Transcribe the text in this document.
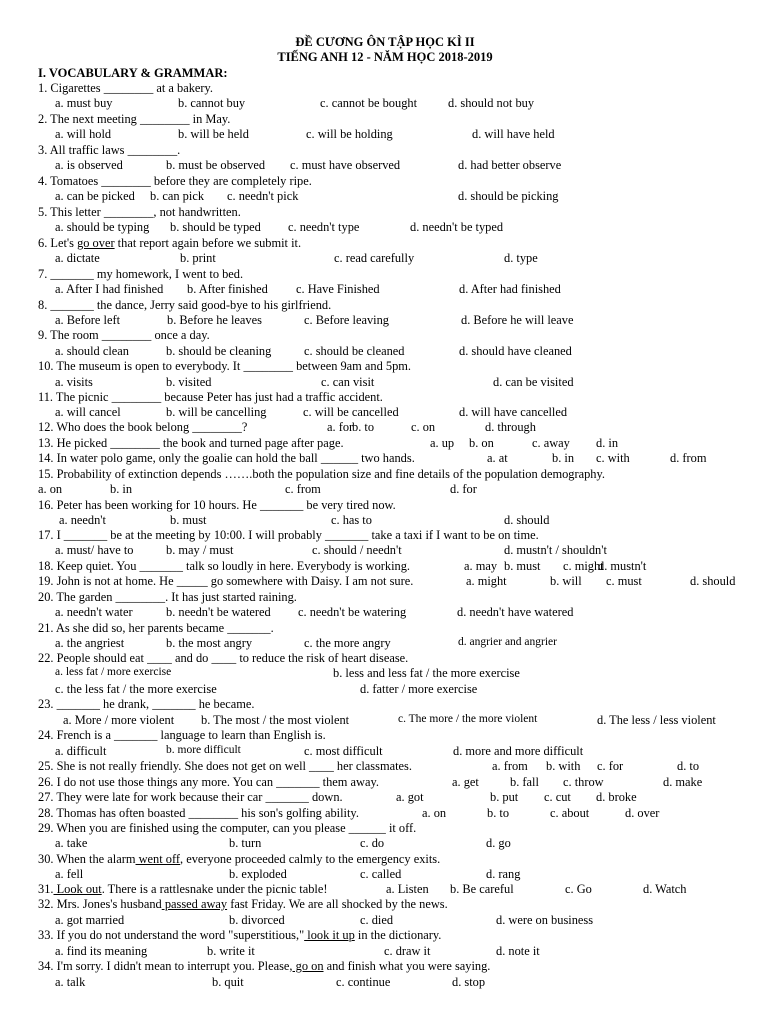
ĐỀ CƯƠNG ÔN TẬP HỌC KÌ II
TIẾNG ANH 12 - NĂM HỌC 2018-2019
I. VOCABULARY & GRAMMAR:
1. Cigarettes ________ at a bakery.
a. must buy	b. cannot buy	c. cannot be bought d. should not buy
2. The next meeting ________ in May.
a. will hold	b. will be held	c. will be holding	d. will have held
3. All traffic laws ________.
a. is observed	b. must be observed c. must have observed	d. had better observe
4. Tomatoes ________ before they are completely ripe.
a. can be picked b. can pick c. needn't pick	d. should be picking
5. This letter ________, not handwritten.
a. should be typing b. should be typed c. needn't type	d. needn't be typed
6. Let's go over that report again before we submit it.
a. dictate	b. print	c. read carefully	d. type
7. _______ my homework, I went to bed.
a. After I had finished b. After finished c. Have Finished	d. After had finished
8. _______ the dance, Jerry said good-bye to his girlfriend.
a. Before left	b. Before he leaves	c. Before leaving	d. Before he will leave
9. The room ________ once a day.
a. should clean	b. should be cleaning	c. should be cleaned	d. should have cleaned
10. The museum is open to everybody. It ________ between 9am and 5pm.
a. visits	b. visited	c. can visit	d. can be visited
11. The picnic ________ because Peter has just had a traffic accident.
a. will cancel	b. will be cancelling	c. will be cancelled	d. will have cancelled
12. Who does the book belong ________?	a. for
b. to	c. on	d. through
13. He picked ________ the book and turned page after page.	a. up b. on	c. away d. in
14. In water polo game, only the goalie can hold the ball ______ two hands.	a. at	b. in c. with	d. from
15. Probability of extinction depends …….both the population size and fine details of the population demography.
a. on	b. in	c. from	d. for
16. Peter has been working for 10 hours. He _______ be very tired now.
a. needn't	b. must	c. has to	d. should
17. I _______ be at the meeting by 10:00. I will probably _______ take a taxi if I want to be on time.
a. must/ have to	b. may / must	c. should / needn't	d. mustn't / shouldn't
18. Keep quiet. You _______ talk so loudly in here. Everybody is working.	a. may b. must c. might
d. mustn't
19. John is not at home. He _____ go somewhere with Daisy. I am not sure.	a. might	b. will c. must	d. should
20. The garden ________. It has just started raining.
a. needn't water	b. needn't be watered c. needn't be watering	d. needn't have watered
21. As she did so, her parents became _______.
a. the angriest	b. the most angry	c. the more angry	d. angrier and angrier
22. People should eat ____ and do ____ to reduce the risk of heart disease.
a. less fat / more exercise	b. less and less fat / the more exercise
c. the less fat / the more exercise	d. fatter / more exercise
23. _______ he drank, _______ he became.
a. More / more violent b. The most / the most violent	c. The more / the more violent	d. The less / less violent
24. French is a _______ language to learn than English is.
a. difficult	b. more difficult	c. most difficult	d. more and more difficult
25. She is not really friendly. She does not get on well ____ her classmates.	a. from b. with c. for	d. to
26. I do not use those things any more. You can _______ them away.	a. get	b. fall c. throw	d. make
27. They were late for work because their car _______ down.	a. got	b. put c. cut d. broke
28. Thomas has often boasted ________ his son's golfing ability.	a. on	b. to	c. about	d. over
29. When you are finished using the computer, can you please ______ it off.
a. take	b. turn	c. do	d. go
30. When the alarm went off, everyone proceeded calmly to the emergency exits.
a. fell	b. exploded	c. called	d. rang
31. Look out. There is a rattlesnake under the picnic table!	a. Listen b. Be careful	c. Go	d. Watch
32. Mrs. Jones's husband passed away fast Friday. We are all shocked by the news.
a. got married	b. divorced	c. died	d. were on business
33. If you do not understand the word "superstitious," look it up in the dictionary.
a. find its meaning	b. write it	c. draw it	d. note it
34. I'm sorry. I didn't mean to interrupt you. Please, go on and finish what you were saying.
a. talk	b. quit	c. continue	d. stop
